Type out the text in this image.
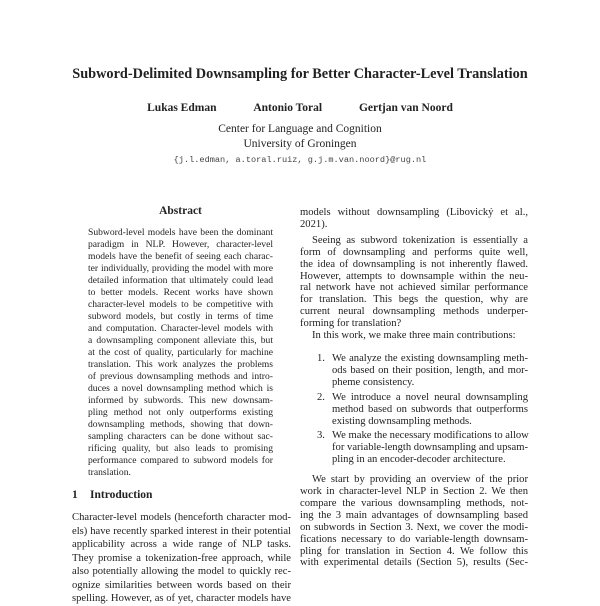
Subword-Delimited Downsampling for Better Character-Level Translation
Lukas Edman	Antonio Toral	Gertjan van Noord
Center for Language and Cognition
University of Groningen
{j.l.edman, a.toral.ruiz, g.j.m.van.noord}@rug.nl
Abstract
Subword-level models have been the dominant
paradigm in NLP. However, character-level
models have the benefit of seeing each charac-
ter individually, providing the model with more
detailed information that ultimately could lead
to better models. Recent works have shown
character-level models to be competitive with
subword models, but costly in terms of time
and computation. Character-level models with
a downsampling component alleviate this, but
at the cost of quality, particularly for machine
translation. This work analyzes the problems
of previous downsampling methods and intro-
duces a novel downsampling method which is
informed by subwords. This new downsam-
pling method not only outperforms existing
downsampling methods, showing that down-
sampling characters can be done without sac-
rificing quality, but also leads to promising
performance compared to subword models for
translation.
1 Introduction
Character-level models (henceforth character mod-
els) have recently sparked interest in their potential
applicability across a wide range of NLP tasks.
They promise a tokenization-free approach, while
also potentially allowing the model to quickly rec-
ognize similarities between words based on their
spelling. However, as of yet, character models have
models without downsampling (Libovický et al.,
2021).
Seeing as subword tokenization is essentially a
form of downsampling and performs quite well,
the idea of downsampling is not inherently flawed.
However, attempts to downsample within the neu-
ral network have not achieved similar performance
for translation. This begs the question, why are
current neural downsampling methods underper-
forming for translation?
In this work, we make three main contributions:
1. We analyze the existing downsampling meth-
ods based on their position, length, and mor-
pheme consistency.
2. We introduce a novel neural downsampling
method based on subwords that outperforms
existing downsampling methods.
3. We make the necessary modifications to allow
for variable-length downsampling and upsam-
pling in an encoder-decoder architecture.
We start by providing an overview of the prior
work in character-level NLP in Section 2. We then
compare the various downsampling methods, not-
ing the 3 main advantages of downsampling based
on subwords in Section 3. Next, we cover the modi-
fications necessary to do variable-length downsam-
pling for translation in Section 4. We follow this
with experimental details (Section 5), results (Sec-
